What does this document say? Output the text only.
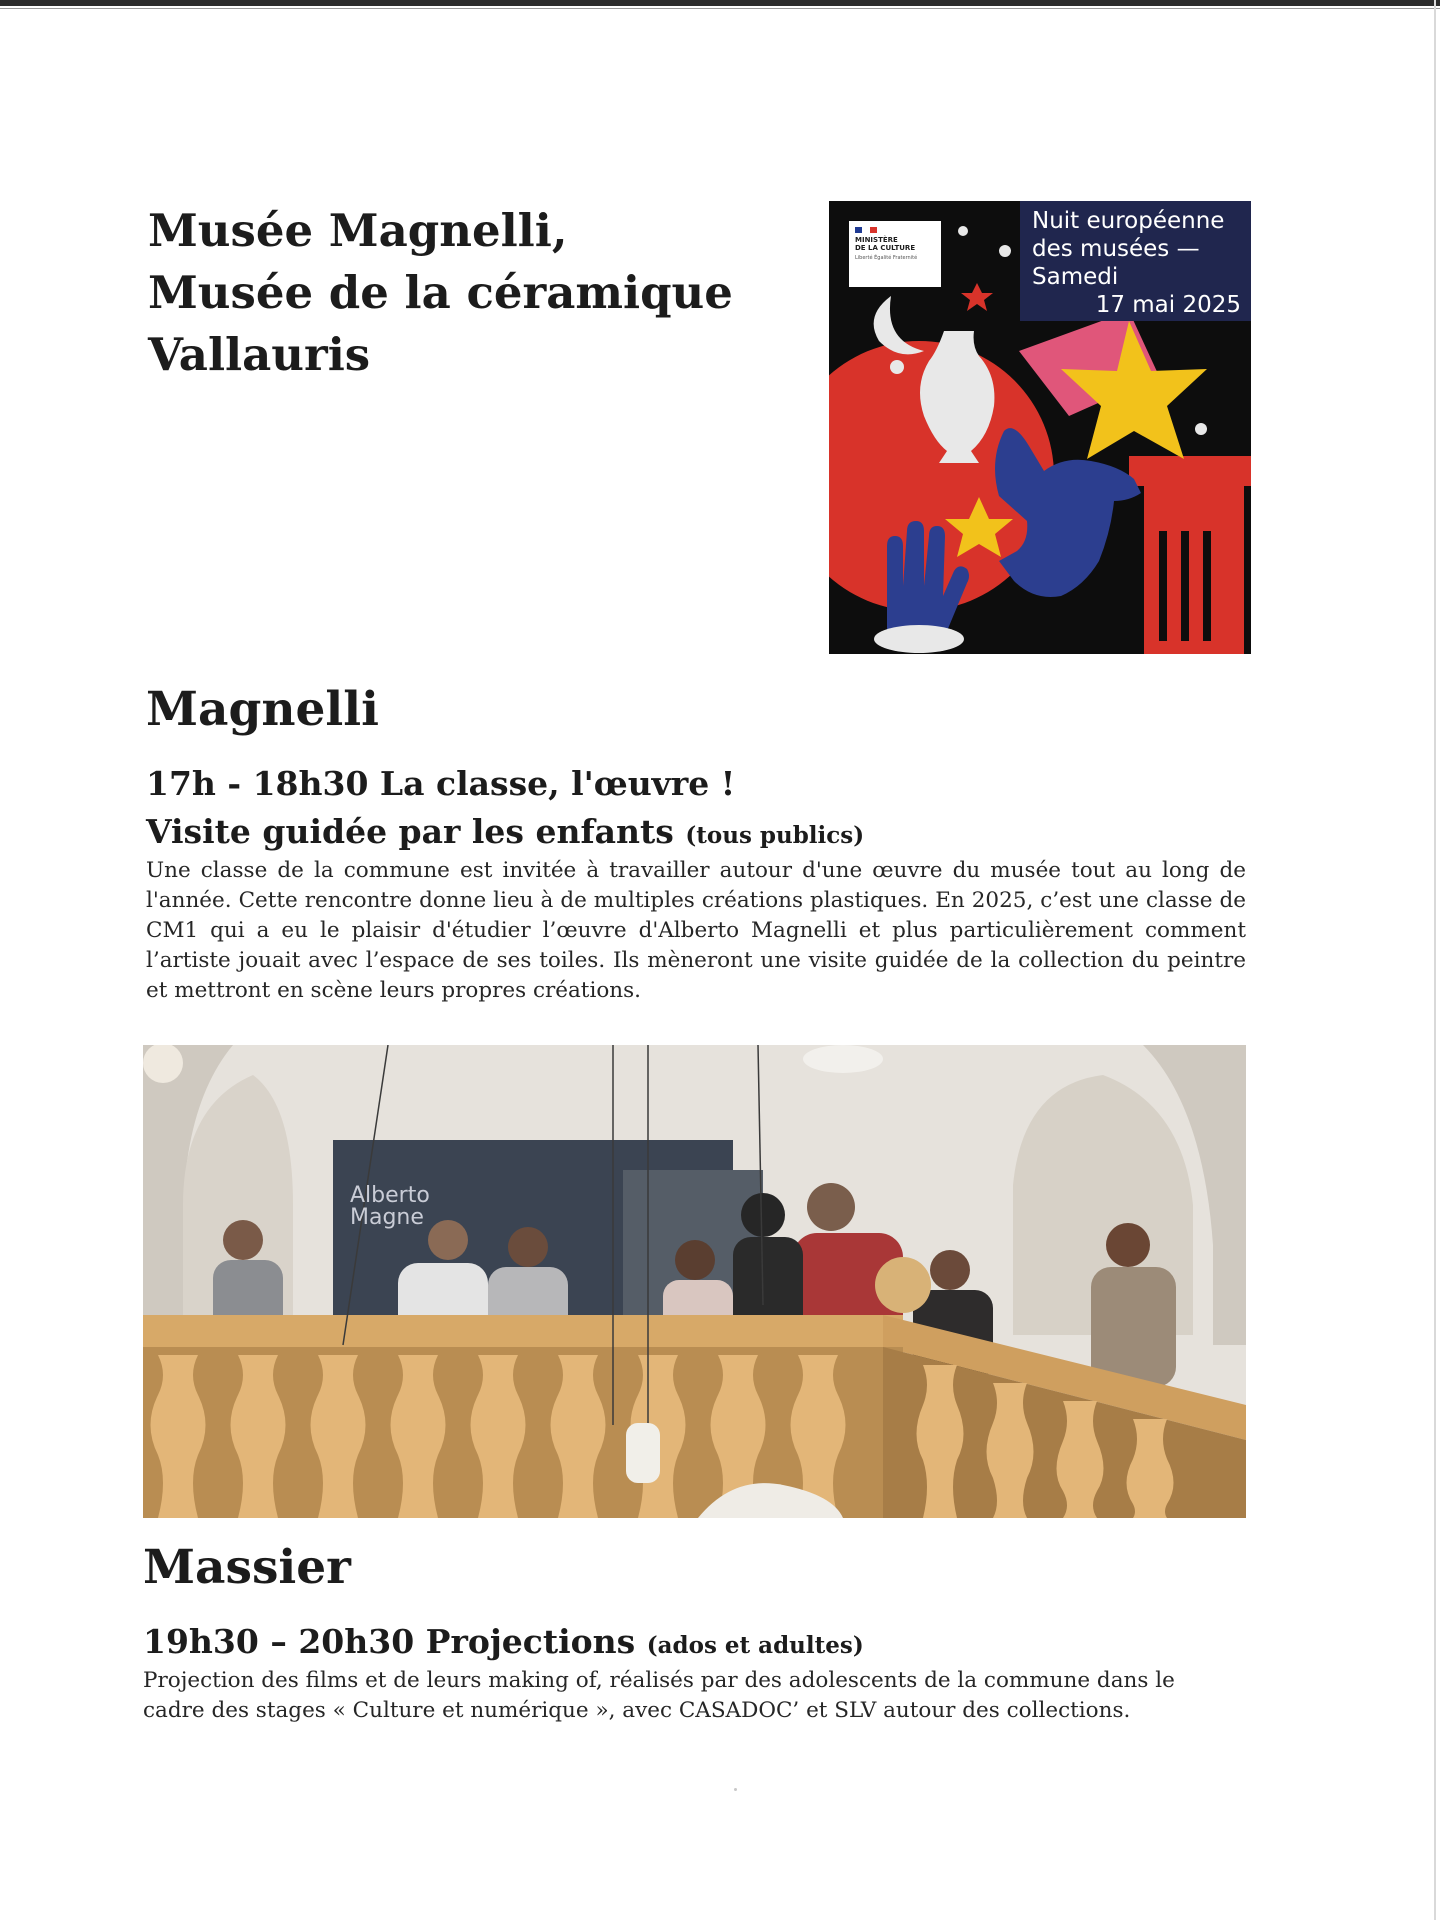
Musée Magnelli,
Musée de la céramique
Vallauris
MINISTÈRE
DE LA CULTURE
Liberté Égalité Fraternité
Nuit européenne
des musées —
Samedi
17 mai 2025
Magnelli
17h - 18h30 La classe, l'œuvre !
Visite guidée par les enfants (tous publics)

Une classe de la commune est invitée à travailler autour d'une œuvre du musée tout au long de l'année. Cette rencontre donne lieu à de multiples créations plastiques. En 2025, c’est une classe de CM1 qui a eu le plaisir d'étudier l’œuvre d'Alberto Magnelli et plus particulièrement comment l’artiste jouait avec l’espace de ses toiles. Ils mèneront une visite guidée de la collection du peintre et mettront en scène leurs propres créations.

Alberto
Magne
Massier
19h30 – 20h30 Projections (ados et adultes)

Projection des films et de leurs making of, réalisés par des adolescents de la commune dans le cadre des stages « Culture et numérique », avec CASADOC’ et SLV autour des collections.
